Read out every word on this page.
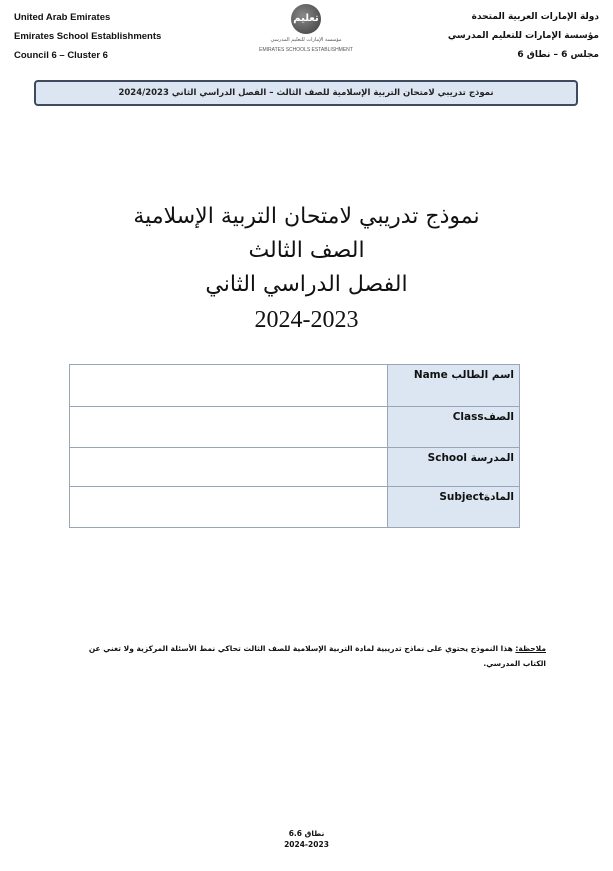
United Arab Emirates
Emirates School Establishments
Council 6 – Cluster 6
تعليم
مؤسسة الإمارات للتعليم المدرسي
EMIRATES SCHOOLS ESTABLISHMENT
دولة الإمارات العربية المتحدة
مؤسسة الإمارات للتعليم المدرسي
مجلس 6 – نطاق 6
نموذج تدريبي لامتحان التربية الإسلامية للصف الثالث – الفصل الدراسي الثاني 2024/2023
نموذج تدريبي لامتحان التربية الإسلامية
الصف الثالث
الفصل الدراسي الثاني
2024-2023
	اسم الطالب Name
	الصفClass
	المدرسة School
	المادةSubject
ملاحظة: هذا النموذج يحتوي على نماذج تدريبية لمادة التربية الإسلامية للصف الثالث تحاكي نمط الأسئلة المركزية ولا تغني عن الكتاب المدرسي.
نطاق 6.6
2024-2023
